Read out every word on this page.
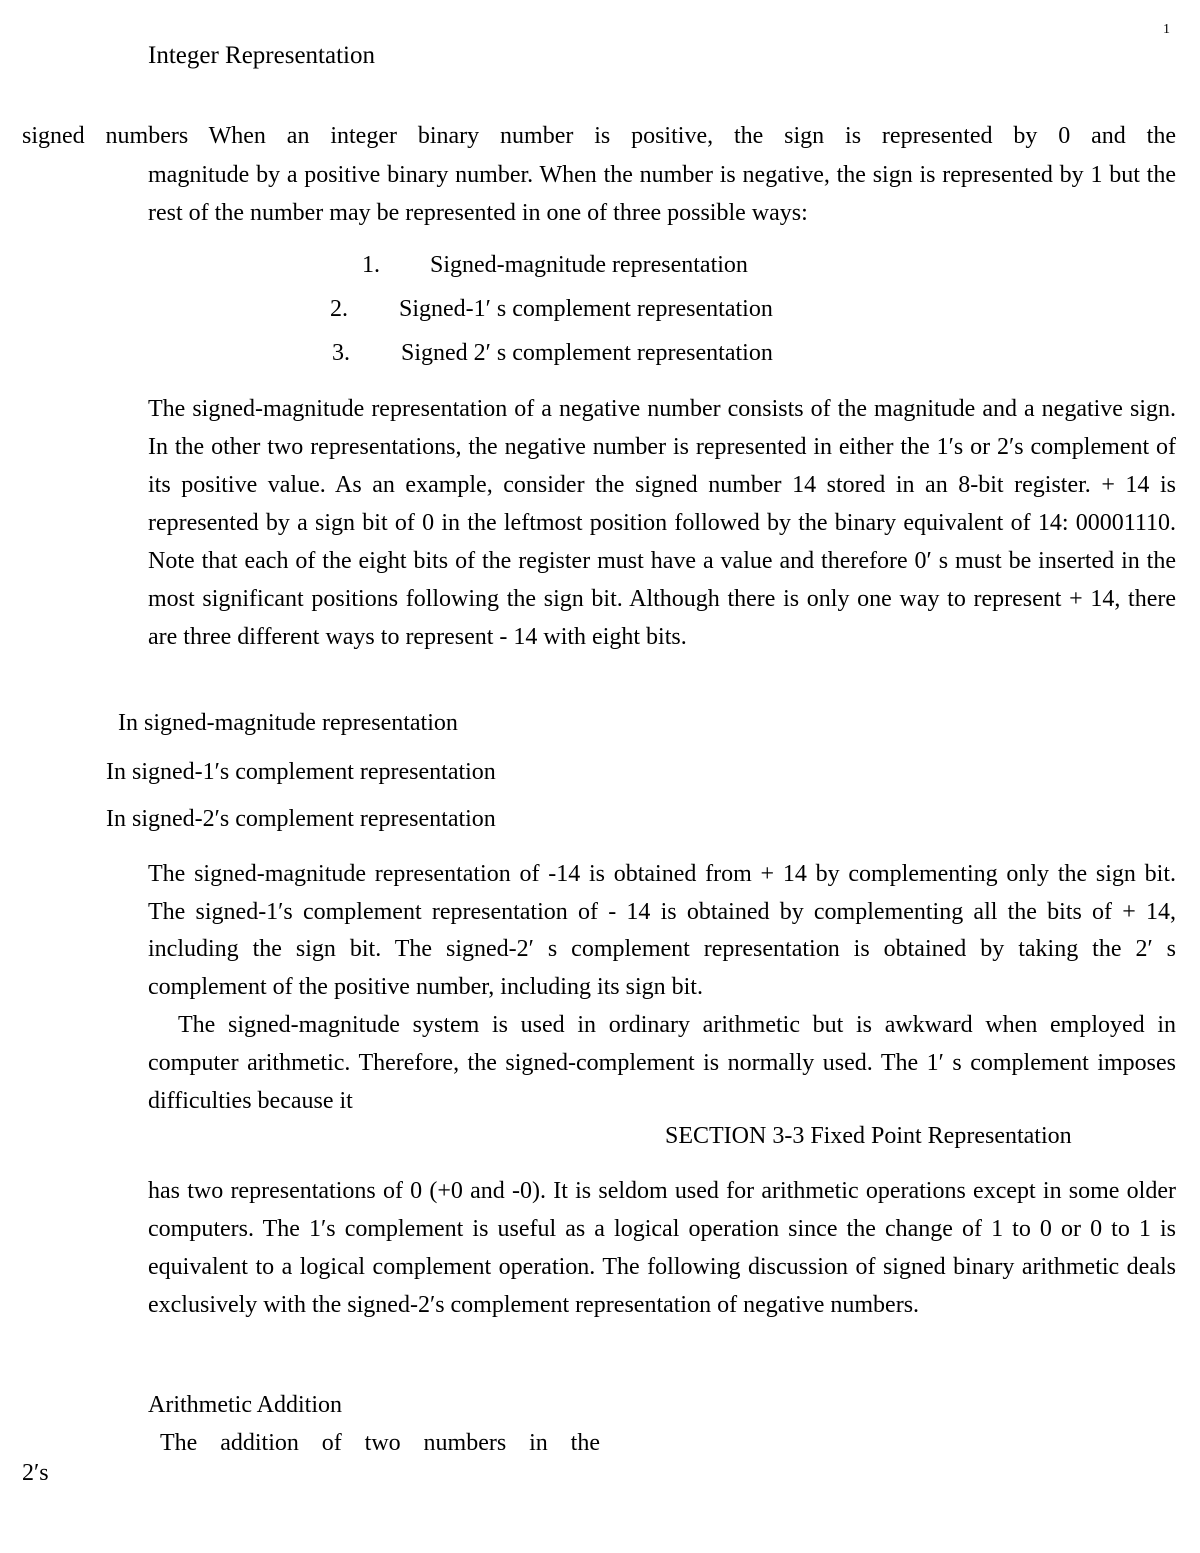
1
Integer Representation

signed numbers When an integer binary number is positive, the sign is represented by 0 and the
magnitude by a positive binary number. When the number is negative, the sign is represented by 1 but the rest of the number may be represented in one of three possible ways:

1. Signed-magnitude representation
2. Signed-1′ s complement representation
3. Signed 2′ s complement representation

The signed-magnitude representation of a negative number consists of the magnitude and a negative sign. In the other two representations, the negative number is represented in either the 1′s or 2′s complement of its positive value. As an example, consider the signed number 14 stored in an 8-bit register. + 14 is represented by a sign bit of 0 in the leftmost position followed by the binary equivalent of 14: 00001110. Note that each of the eight bits of the register must have a value and therefore 0′ s must be inserted in the most significant positions following the sign bit. Although there is only one way to represent + 14, there are three different ways to represent - 14 with eight bits.

In signed-magnitude representation
In signed-1′s complement representation
In signed-2′s complement representation

The signed-magnitude representation of -14 is obtained from + 14 by complementing only the sign bit. The signed-1′s complement representation of - 14 is obtained by complementing all the bits of + 14, including the sign bit. The signed-2′ s complement representation is obtained by taking the 2′ s complement of the positive number, including its sign bit.

The signed-magnitude system is used in ordinary arithmetic but is awkward when employed in computer arithmetic. Therefore, the signed-complement is normally used. The 1′ s complement imposes difficulties because it

SECTION 3-3 Fixed Point Representation

has two representations of 0 (+0 and -0). It is seldom used for arithmetic operations except in some older computers. The 1′s complement is useful as a logical operation since the change of 1 to 0 or 0 to 1 is equivalent to a logical complement operation. The following discussion of signed binary arithmetic deals exclusively with the signed-2′s complement representation of negative numbers.

Arithmetic Addition

The addition of two numbers in the

2′s
